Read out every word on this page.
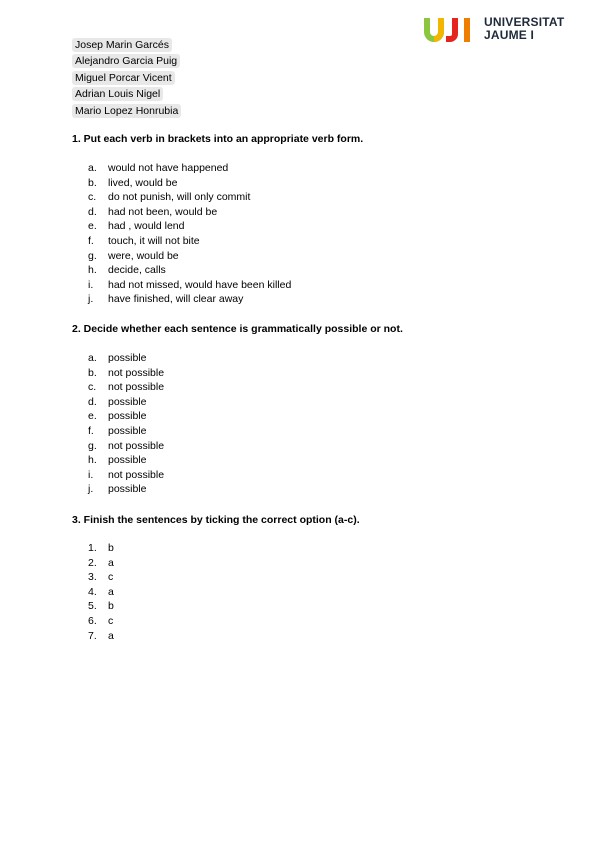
UNIVERSITAT
JAUME I
Josep Marin Garcés
Alejandro Garcia Puig
Miguel Porcar Vicent
Adrian Louis Nigel
Mario Lopez Honrubia

1. Put each verb in brackets into an appropriate verb form.

a. would not have happened
b. lived, would be
c. do not punish, will only commit
d. had not been, would be
e. had , would lend
f. touch, it will not bite
g. were, would be
h. decide, calls
i. had not missed, would have been killed
j. have finished, will clear away

2. Decide whether each sentence is grammatically possible or not.

a. possible
b. not possible
c. not possible
d. possible
e. possible
f. possible
g. not possible
h. possible
i. not possible
j. possible

3. Finish the sentences by ticking the correct option (a-c).

1. b
2. a
3. c
4. a
5. b
6. c
7. a
